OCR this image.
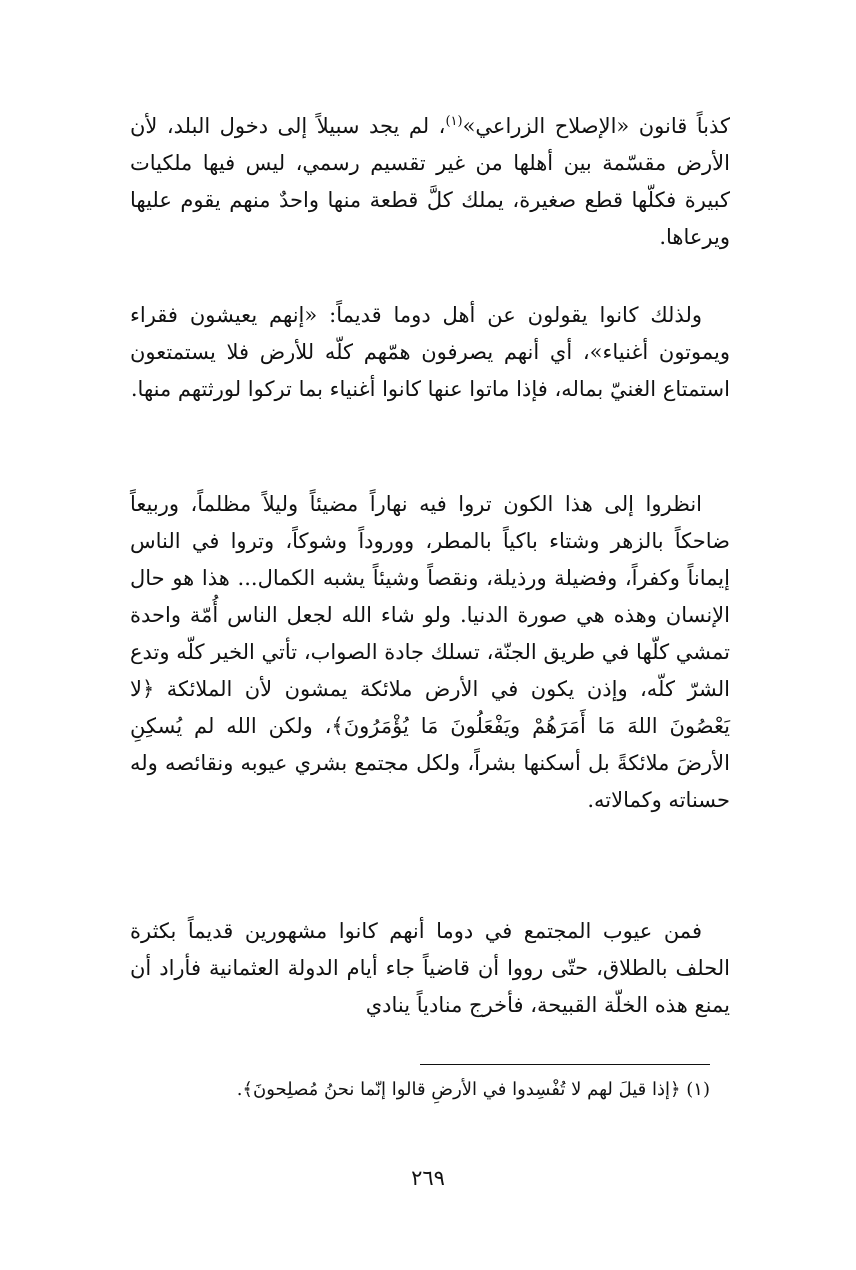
كذباً قانون «الإصلاح الزراعي»$^{(١)}$، لم يجد سبيلاً إلى دخول البلد، لأن الأرض مقسّمة بين أهلها من غير تقسيم رسمي، ليس فيها ملكيات كبيرة فكلّها قطع صغيرة، يملك كلَّ قطعة منها واحدٌ منهم يقوم عليها ويرعاها.

ولذلك كانوا يقولون عن أهل دوما قديماً: «إنهم يعيشون فقراء ويموتون أغنياء»، أي أنهم يصرفون همّهم كلّه للأرض فلا يستمتعون استمتاع الغنيّ بماله، فإذا ماتوا عنها كانوا أغنياء بما تركوا لورثتهم منها.

انظروا إلى هذا الكون تروا فيه نهاراً مضيئاً وليلاً مظلماً، وربيعاً ضاحكاً بالزهر وشتاء باكياً بالمطر، ووروداً وشوكاً، وتروا في الناس إيماناً وكفراً، وفضيلة ورذيلة، ونقصاً وشيئاً يشبه الكمال... هذا هو حال الإنسان وهذه هي صورة الدنيا. ولو شاء الله لجعل الناس أُمّة واحدة تمشي كلّها في طريق الجنّة، تسلك جادة الصواب، تأتي الخير كلّه وتدع الشرّ كلّه، وإذن يكون في الأرض ملائكة يمشون لأن الملائكة ﴿لا يَعْصُونَ اللهَ مَا أَمَرَهُمْ ويَفْعَلُونَ مَا يُؤْمَرُونَ﴾، ولكن الله لم يُسكِنِ الأرضَ ملائكةً بل أسكنها بشراً، ولكل مجتمع بشري عيوبه ونقائصه وله حسناته وكمالاته.

فمن عيوب المجتمع في دوما أنهم كانوا مشهورين قديماً بكثرة الحلف بالطلاق، حتّى رووا أن قاضياً جاء أيام الدولة العثمانية فأراد أن يمنع هذه الخلّة القبيحة، فأخرج منادياً ينادي

(١) ﴿إذا قيلَ لهم لا تُفْسِدوا في الأرضِ قالوا إنّما نحنُ مُصلِحونَ﴾.
٢٦٩
